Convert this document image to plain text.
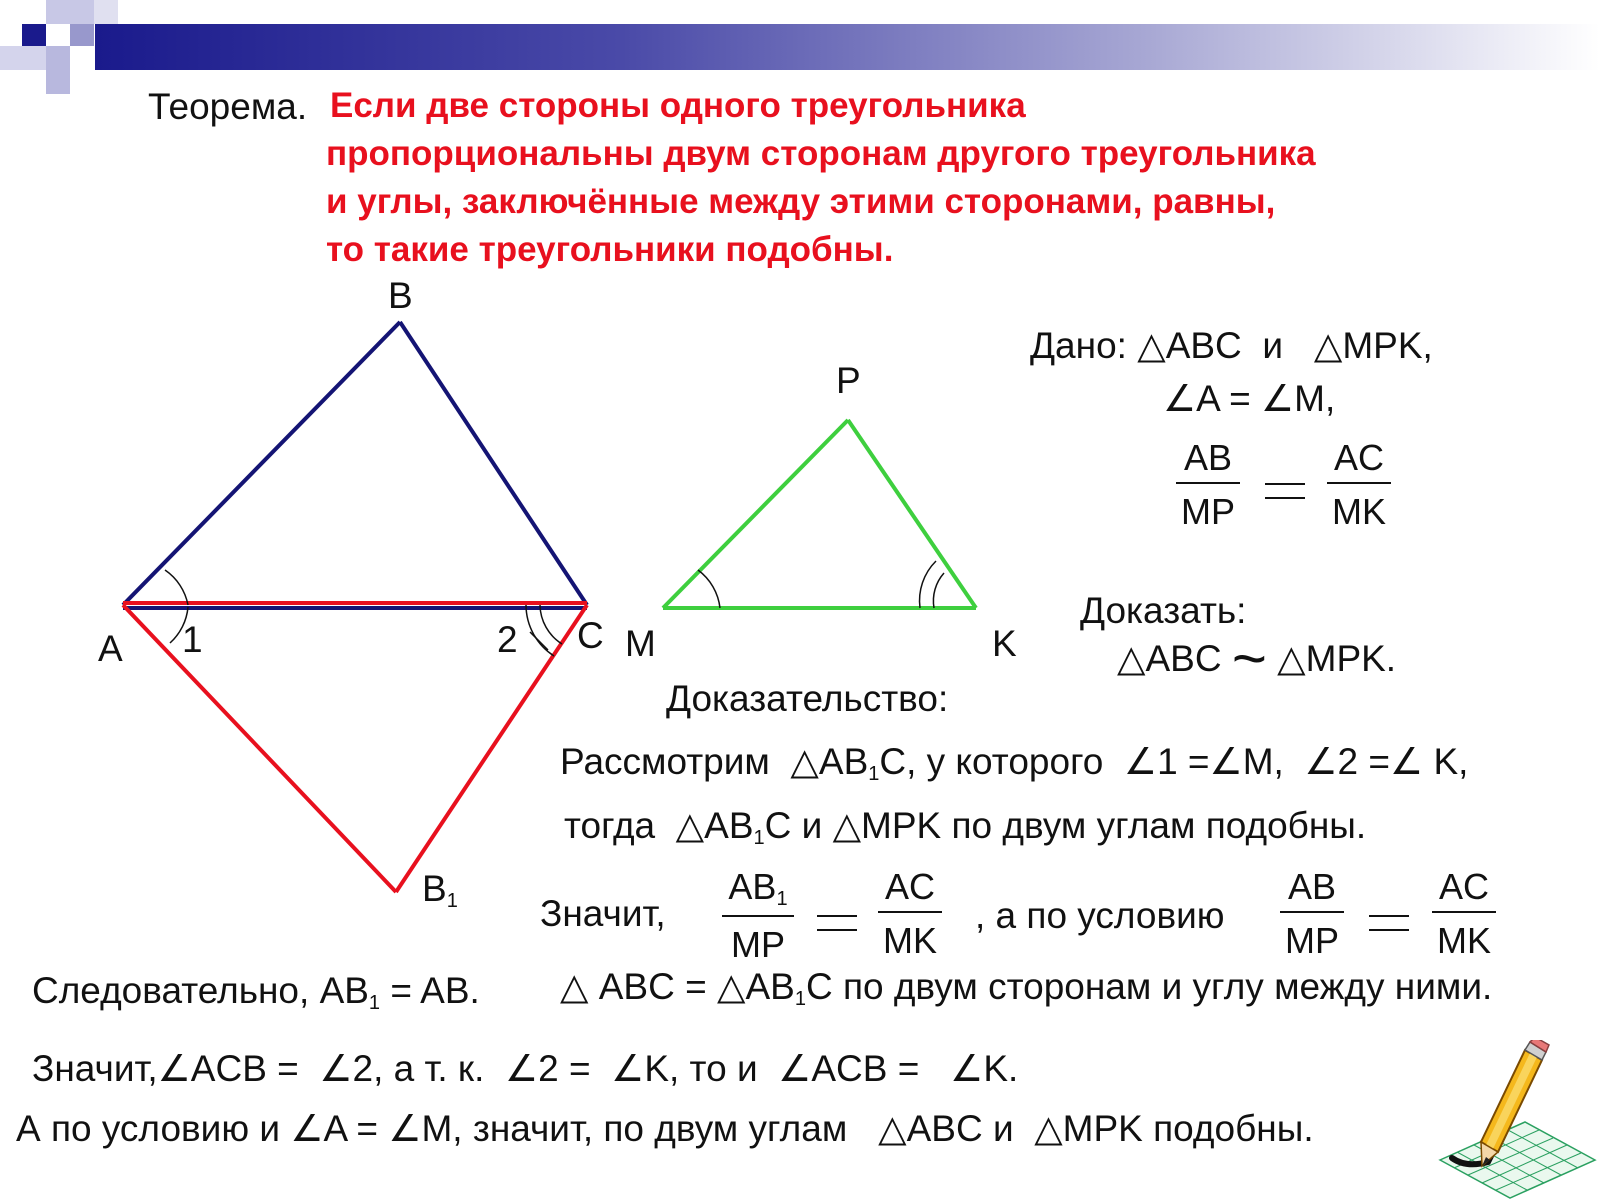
Теорема. Если две стороны одного треугольника
пропорциональны двум сторонам другого треугольника
и углы, заключённые между этими сторонами, равны,
то такие треугольники подобны.
B
A 1	2 C
$B_1$
P
M	K
Дано: △ABC и △MPK,
∠A = ∠M,
$\frac{AB}{MP} \frac{AC}{MK}$
Доказать:
△ABC ~ △MPK.
Доказательство:
Рассмотрим $\triangle AB_1C$, у которого ∠1 =∠M, ∠2 =∠ K,
тогда $\triangle AB_1C$ и △MPK по двум углам подобны.
Значит, $\frac{AB_1}{MP} \frac{AC}{MK}$ , а по условию $\frac{AB}{MP} \frac{AC}{MK}$
Следовательно, $AB_1$ = AB. △ ABC = $\triangle AB_1C$ по двум сторонам и углу между ними.
Значит,∠ACB = ∠2, а т. к. ∠2 = ∠K, то и ∠ACB = ∠K.
А по условию и ∠A = ∠M, значит, по двум углам △ABC и △MPK подобны.
